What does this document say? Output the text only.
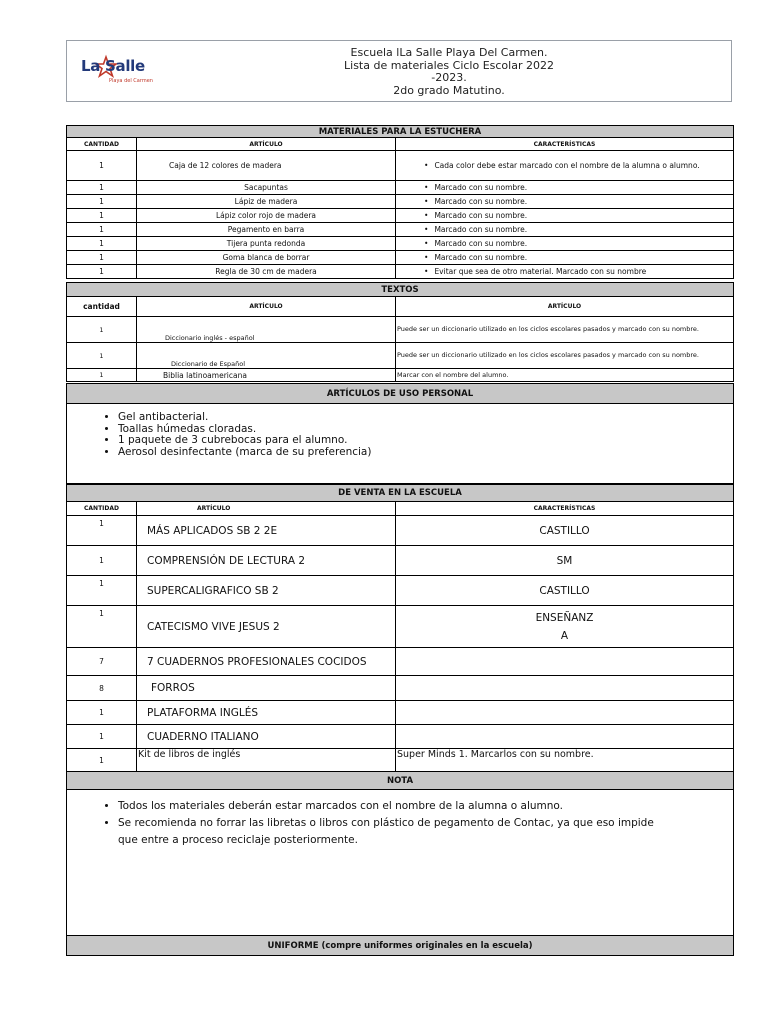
La Salle
Playa del Carmen
Escuela lLa Salle Playa Del Carmen.
Lista de materiales Ciclo Escolar 2022
-2023.
2do grado Matutino.
MATERIALES PARA LA ESTUCHERA		
CANTIDAD	ARTÍCULO	CARACTERÍSTICAS
1	Caja de 12 colores de madera	•Cada color debe estar marcado con el nombre de la alumna o alumno.
1	Sacapuntas	•Marcado con su nombre.
1	Lápiz de madera	•Marcado con su nombre.
1	Lápiz color rojo de madera	•Marcado con su nombre.
1	Pegamento en barra	•Marcado con su nombre.
1	Tijera punta redonda	•Marcado con su nombre.
1	Goma blanca de borrar	•Marcado con su nombre.
1	Regla de 30 cm de madera	•Evitar que sea de otro material. Marcado con su nombre
TEXTOS		
cantidad	ARTÍCULO	ARTÍCULO
1	Diccionario inglés - español	Puede ser un diccionario utilizado en los ciclos escolares pasados y marcado con su nombre.
1	Diccionario de Español	Puede ser un diccionario utilizado en los ciclos escolares pasados y marcado con su nombre.
1	Biblia latinoamericana	Marcar con el nombre del alumno.
ARTÍCULOS DE USO PERSONAL

• Gel antibacterial.
• Toallas húmedas cloradas.
• 1 paquete de 3 cubrebocas para el alumno.
• Aerosol desinfectante (marca de su preferencia)
DE VENTA EN LA ESCUELA		
CANTIDAD	ARTÍCULO	CARACTERÍSTICAS
1	MÁS APLICADOS SB 2 2E	CASTILLO
1	COMPRENSIÓN DE LECTURA 2	SM
1	SUPERCALIGRAFICO SB 2	CASTILLO
1	CATECISMO VIVE JESUS 2	ENSEÑANZ
A

7	7 CUADERNOS PROFESIONALES COCIDOS	
8	FORROS	
1	PLATAFORMA INGLÉS	
1	CUADERNO ITALIANO	
1	Kit de libros de inglés	Super Minds 1. Marcarlos con su nombre.
NOTA

• Todos los materiales deberán estar marcados con el nombre de la alumna o alumno.
• Se recomienda no forrar las libretas o libros con plástico de pegamento de Contac, ya que eso impide que entre a proceso reciclaje posteriormente.

UNIFORME (compre uniformes originales en la escuela)
